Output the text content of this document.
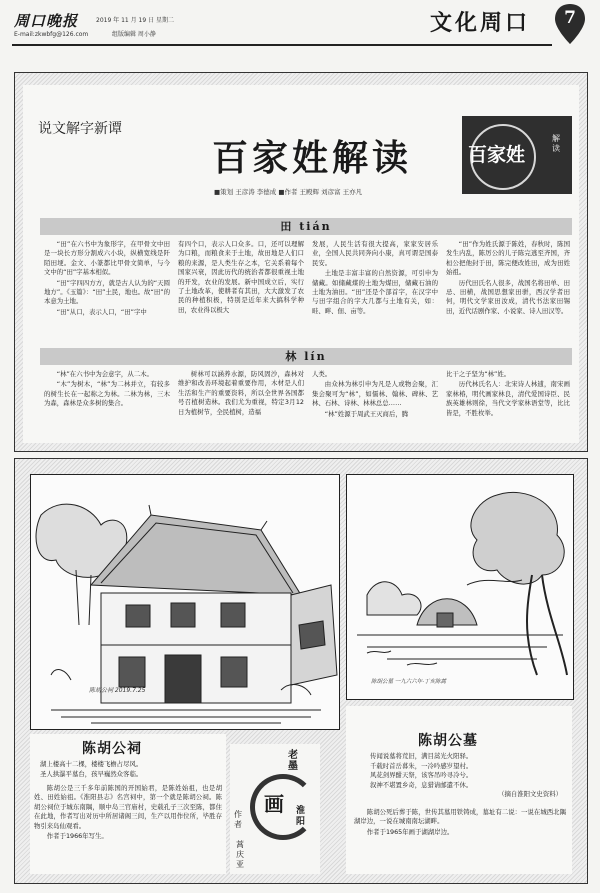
周口晚报	2019 年 11 月 19 日 星期二
E-mail:zkwbfg@126.com	组版编辑 周小静	文化周口	7
说文解字新谭
百家姓解读	百家姓
解读
■策划 王彦涛 李德成 ■作者 王殿辉 刘彦富 王亦凡
田 tián

“田”在六书中为象形字，在甲骨文中田是一块长方形分割成六小块，纵横宽线是阡陌田埂。金文、小篆都比甲骨文简单，与今文中的“田”字基本相似。

“田”字四四方方，就是古人认为的“天圆地方”。《玉篇》：“田”土民，地也。故“田”的本意为土地。

“田”从口，表示人口，“田”字中

有四个口，表示人口众多。口，还可以理解为口粮，而粮食来于土地，故田地是人们口粮的来源，是人类生存之本，它关系着每个国家兴衰，因此历代的统治者都很重视土地的开发，农业的发展。新中国成立后，实行了土地改革，使耕者有其田，大大激发了农民的种植积极，特别是近年来大搞科学种田，农业得以极大

发展，人民生活有很大提高，家家安居乐业，全国人民共同奔向小康，真可谓是国泰民安。

土地是丰富丰富的自然资源，可引申为储藏。如储藏煤的土地为煤田，储藏石油的土地为油田。“田”还是个部首字，在汉字中与田字组合的字大几都与土地有关，如：畦、畔、佃、亩等。

“田”作为姓氏源于陈姓，春秋时，陈国发生内乱，陈厉公的儿子陈完逃至齐国，齐桓公把他封于田，陈完便改姓田，成为田姓始祖。

历代田氏名人很多，战国名将田单、田忌、田横，战国思想家田骈，西汉学者田何，明代文学家田汝成，清代书法家田锡田，近代话剧作家、小说家、诗人田汉等。

林 lín

“林”在六书中为会意字，从二木。

“木”为树木，“林”为二林并立，有较多的树生长在一起称之为林。二林为林，三木为森，森林是众多树的集合。

树林可以涵养水源，防风固沙，森林对维护和改善环境起着重要作用，木材是人们生活和生产的重要资料，所以全世界各国都号召植树造林。我们尤为重视，特定3月12日为植树节，全民植树，造福

人类。

由众林为林引申为凡是人或物会聚，汇集会聚可为“林”，如儒林、翰林、碑林、艺林、石林、诗林、林林总总……

“林”姓源于周武王灭商后，腾

比干之子坚为“林”姓。

历代林氏名人：北宋诗人林逋，南宋画家林椿，明代画家林良，清代爱国诗臣、民族英雄林则徐，当代文学家林语堂等，比比皆是，不胜枚举。

陈胡公祠 2019.7.25
陈胡公墓 一九六六年·丁亥陈蒿
陈胡公祠
湖上楼高十二棵，楼楼飞檐占尽风。
圣人拱瀑平墓台，孩早巍然众客临。

陈胡公是三千多年前陈国的开国始君，是陈姓始祖，也是胡姓、田姓始祖。《淮阳县志》名宫祠中，第一个就是陈胡公祠。陈胡公祠位于城东南隅，顺中岛三官庙村，史载孔子三次至陈，都住在此地，作者写出对历中所居诸阁三间，生产以用作位所，毕胜存物引来岛仙观看。

作者于1966年写生。

老墨
画 淮阳
作者
蒿庆亚
陈胡公墓
传闻说墓将荒旧，满目蒿光火阳驿。
千载时首岳暮朱，一冷吟感岁望村。
风花剑界酣天祭，该客吊吟寻冷兮。
叙神不堪置乡奇，息猎请邮遣不休。
（摘自淮阳文史资料）

陈胡公死后葬于陈，世传其墓用铁铸成，墓址有二说：一说在城西北隅湖岸边，一说在城南南坛湖畔。

作者于1965年画于湖湖岸边。
